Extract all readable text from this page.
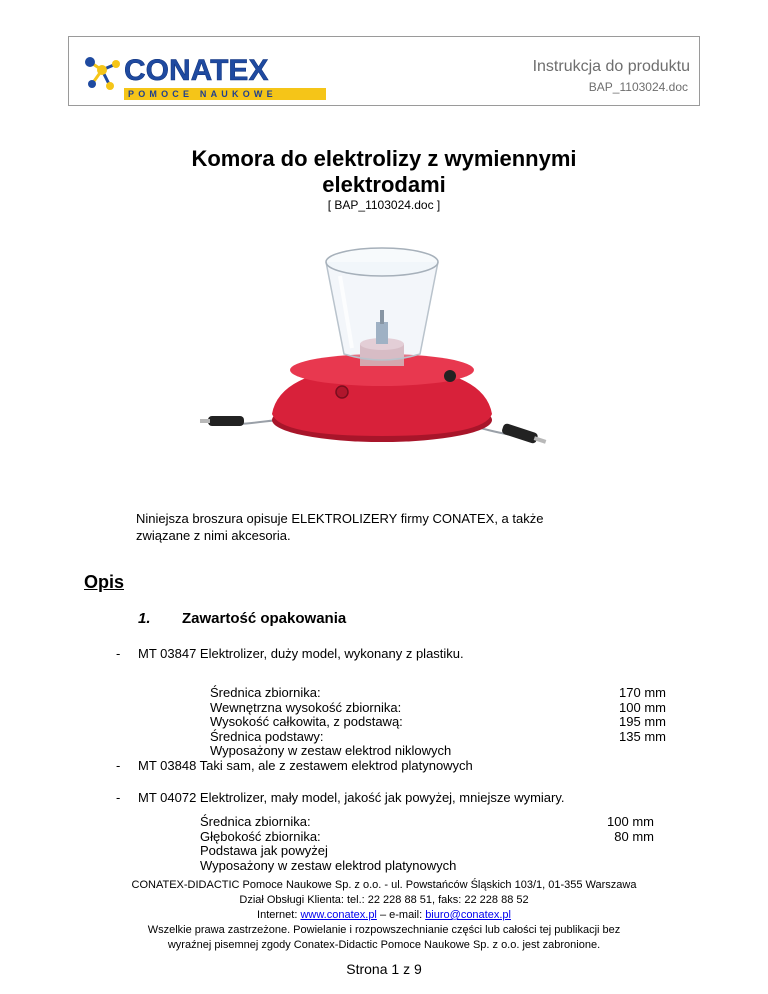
CONATEX
POMOCE NAUKOWE
Instrukcja do produktu
BAP_1103024.doc
Komora do elektrolizy z wymiennymi
elektrodami
[ BAP_1103024.doc ]
Niniejsza broszura opisuje ELEKTROLIZERY firmy CONATEX, a także
związane z nimi akcesoria.
Opis
1. Zawartość opakowania
- MT 03847 Elektrolizer, duży model, wykonany z plastiku.
Średnica zbiornika:
Wewnętrzna wysokość zbiornika:
Wysokość całkowita, z podstawą:
Średnica podstawy:
Wyposażony w zestaw elektrod niklowych
170 mm
100 mm
195 mm
135 mm
- MT 03848 Taki sam, ale z zestawem elektrod platynowych
- MT 04072 Elektrolizer, mały model, jakość jak powyżej, mniejsze wymiary.
Średnica zbiornika:
Głębokość zbiornika:
Podstawa jak powyżej
Wyposażony w zestaw elektrod platynowych
100 mm
80 mm
CONATEX-DIDACTIC Pomoce Naukowe Sp. z o.o. - ul. Powstańców Śląskich 103/1, 01-355 Warszawa
Dział Obsługi Klienta: tel.: 22 228 88 51, faks: 22 228 88 52
Internet: www.conatex.pl – e-mail: biuro@conatex.pl
Wszelkie prawa zastrzeżone. Powielanie i rozpowszechnianie części lub całości tej publikacji bez
wyraźnej pisemnej zgody Conatex-Didactic Pomoce Naukowe Sp. z o.o. jest zabronione.
Strona 1 z 9
